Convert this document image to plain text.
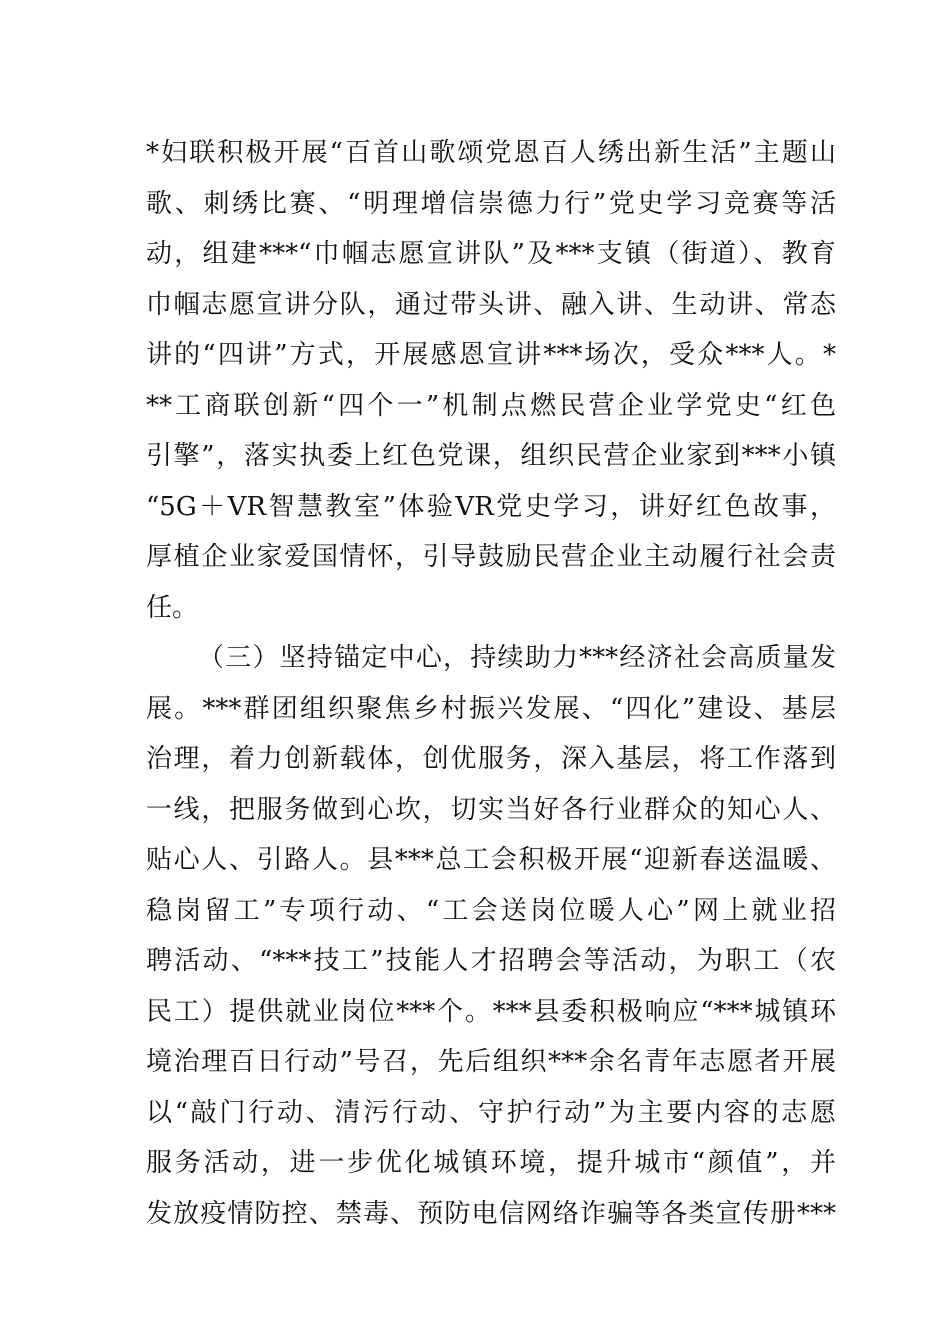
*妇联积极开展“百首山歌颂党恩百人绣出新生活”主题山
歌、刺绣比赛、“明理增信崇德力行”党史学习竞赛等活
动，组建***“巾帼志愿宣讲队”及***支镇（街道）、教育
巾帼志愿宣讲分队，通过带头讲、融入讲、生动讲、常态
讲的“四讲”方式，开展感恩宣讲***场次，受众***人。*
**工商联创新“四个一”机制点燃民营企业学党史“红色
引擎”，落实执委上红色党课，组织民营企业家到***小镇
“5G＋VR智慧教室”体验VR党史学习，讲好红色故事，
厚植企业家爱国情怀，引导鼓励民营企业主动履行社会责
任。
（三）坚持锚定中心，持续助力***经济社会高质量发
展。***群团组织聚焦乡村振兴发展、“四化”建设、基层
治理，着力创新载体，创优服务，深入基层，将工作落到
一线，把服务做到心坎，切实当好各行业群众的知心人、
贴心人、引路人。县***总工会积极开展“迎新春送温暖、
稳岗留工”专项行动、“工会送岗位暖人心”网上就业招
聘活动、“***技工”技能人才招聘会等活动，为职工（农
民工）提供就业岗位***个。***县委积极响应“***城镇环
境治理百日行动”号召，先后组织***余名青年志愿者开展
以“敲门行动、清污行动、守护行动”为主要内容的志愿
服务活动，进一步优化城镇环境，提升城市“颜值”，并
发放疫情防控、禁毒、预防电信网络诈骗等各类宣传册***
